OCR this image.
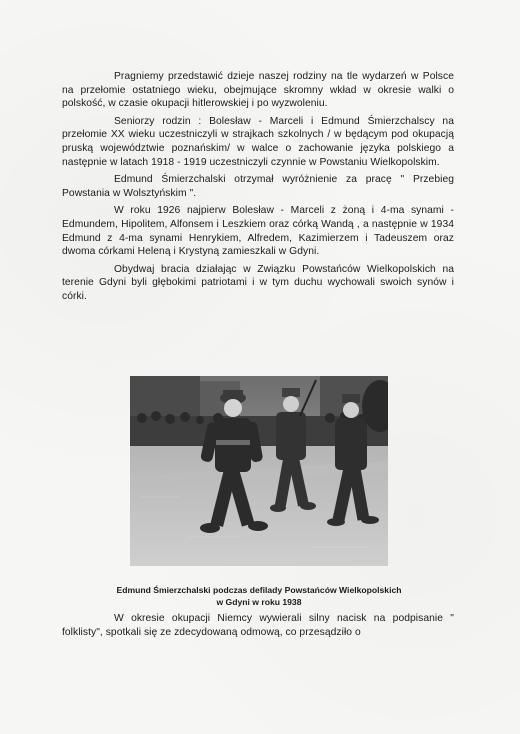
Pragniemy przedstawić dzieje naszej rodziny na tle wydarzeń w Polsce na przełomie ostatniego wieku, obejmujące skromny wkład w okresie walki o polskość, w czasie okupacji hitlerowskiej i po wyzwoleniu.

Seniorzy rodzin : Bolesław - Marceli i Edmund Śmierzchalscy na przełomie XX wieku uczestniczyli w strajkach szkolnych / w będącym pod okupacją pruską województwie poznańskim/ w walce o zachowanie języka polskiego a następnie w latach 1918 - 1919 uczestniczyli czynnie w Powstaniu Wielkopolskim.

Edmund Śmierzchalski otrzymał wyróżnienie za pracę " Przebieg Powstania w Wolsztyńskim ".

W roku 1926 najpierw Bolesław - Marceli z żoną i 4-ma synami - Edmundem, Hipolitem, Alfonsem i Leszkiem oraz córką Wandą , a następnie w 1934 Edmund z 4-ma synami Henrykiem, Alfredem, Kazimierzem i Tadeuszem oraz dwoma córkami Heleną i Krystyną zamieszkali w Gdyni.

Obydwaj bracia działając w Związku Powstańców Wielkopolskich na terenie Gdyni byli głębokimi patriotami i w tym duchu wychowali swoich synów i córki.

Edmund Śmierzchalski podczas defilady Powstańców Wielkopolskich
w Gdyni w roku 1938

W okresie okupacji Niemcy wywierali silny nacisk na podpisanie " folklisty", spotkali się ze zdecydowaną odmową, co przesądziło o
